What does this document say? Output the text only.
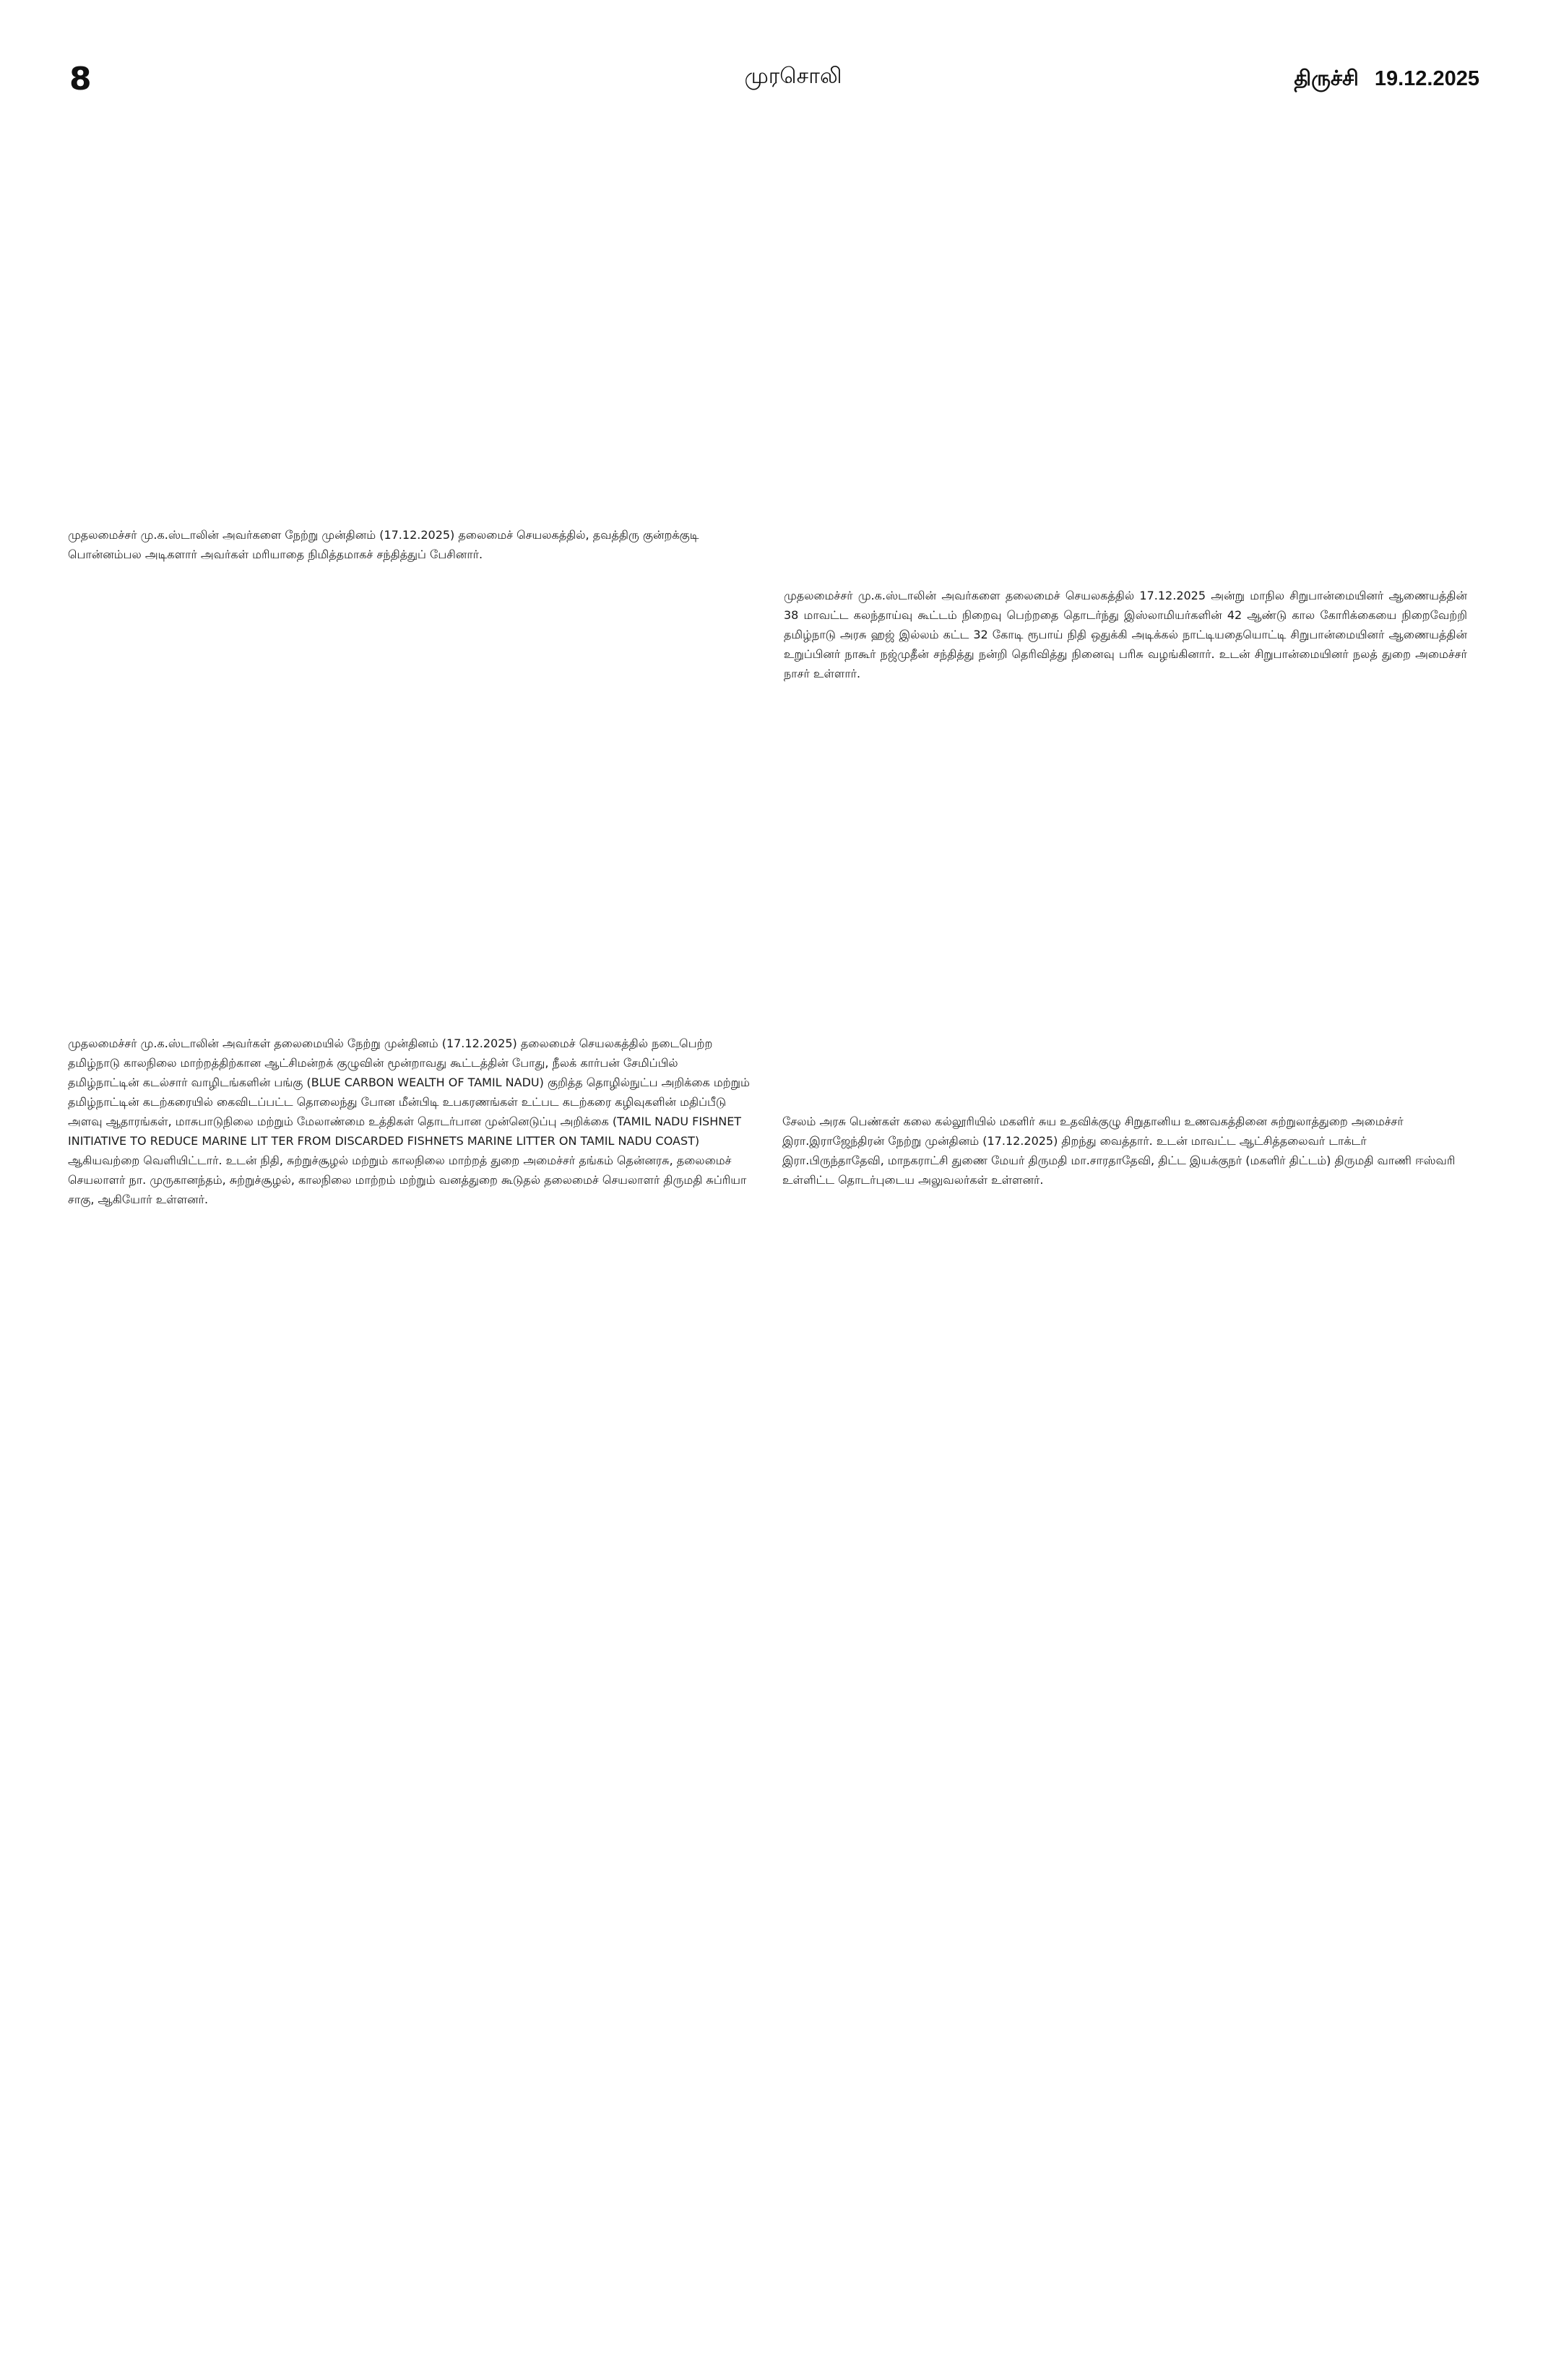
8	முரசொலி	திருச்சி 19.12.2025

முதலமைச்சர் மு.க.ஸ்டாலின் அவர்களை நேற்று முன்தினம் (17.12.2025) தலைமைச் செயலகத்தில், தவத்திரு குன்றக்குடி பொன்னம்பல அடிகளார் அவர்கள் மரியாதை நிமித்தமாகச் சந்தித்துப் பேசினார்.

முதலமைச்சர் மு.க.ஸ்டாலின் அவர்களை தலைமைச் செயலகத்தில் 17.12.2025 அன்று மாநில சிறுபான்மையினர் ஆணையத்தின் 38 மாவட்ட கலந்தாய்வு கூட்டம் நிறைவு பெற்றதை தொடர்ந்து இஸ்லாமியர்களின் 42 ஆண்டு கால கோரிக்கையை நிறைவேற்றி தமிழ்நாடு அரசு ஹஜ் இல்லம் கட்ட 32 கோடி ரூபாய் நிதி ஒதுக்கி அடிக்கல் நாட்டியதையொட்டி சிறுபான்மையினர் ஆணையத்தின் உறுப்பினர் நாகூர் நஜ்முதீன் சந்தித்து நன்றி தெரிவித்து நினைவு பரிசு வழங்கினார். உடன் சிறுபான்மையினர் நலத் துறை அமைச்சர் நாசர் உள்ளார்.

முதலமைச்சர் மு.க.ஸ்டாலின் அவர்கள் தலைமையில் நேற்று முன்தினம் (17.12.2025) தலைமைச் செயலகத்தில் நடைபெற்ற தமிழ்நாடு காலநிலை மாற்றத்திற்கான ஆட்சிமன்றக் குழுவின் மூன்றாவது கூட்டத்தின் போது, நீலக் கார்பன் சேமிப்பில் தமிழ்நாட்டின் கடல்சார் வாழிடங்களின் பங்கு (BLUE CARBON WEALTH OF TAMIL NADU) குறித்த தொழில்நுட்ப அறிக்கை மற்றும் தமிழ்நாட்டின் கடற்கரையில் கைவிடப்பட்ட தொலைந்து போன மீன்பிடி உபகரணங்கள் உட்பட கடற்கரை கழிவுகளின் மதிப்பீடு அளவு ஆதாரங்கள், மாசுபாடுநிலை மற்றும் மேலாண்மை உத்திகள் தொடர்பான முன்னெடுப்பு அறிக்கை (TAMIL NADU FISHNET INITIATIVE TO REDUCE MARINE LIT TER FROM DISCARDED FISHNETS MARINE LITTER ON TAMIL NADU COAST) ஆகியவற்றை வெளியிட்டார். உடன் நிதி, சுற்றுச்சூழல் மற்றும் காலநிலை மாற்றத் துறை அமைச்சர் தங்கம் தென்னரசு, தலைமைச் செயலாளர் நா. முருகானந்தம், சுற்றுச்சூழல், காலநிலை மாற்றம் மற்றும் வனத்துறை கூடுதல் தலைமைச் செயலாளர் திருமதி சுப்ரியா சாகு, ஆகியோர் உள்ளனர்.

சேலம் அரசு பெண்கள் கலை கல்லூரியில் மகளிர் சுய உதவிக்குழு சிறுதானிய உணவகத்தினை சுற்றுலாத்துறை அமைச்சர் இரா.இராஜேந்திரன் நேற்று முன்தினம் (17.12.2025) திறந்து வைத்தார். உடன் மாவட்ட ஆட்சித்தலைவர் டாக்டர் இரா.பிருந்தாதேவி, மாநகராட்சி துணை மேயர் திருமதி மா.சாரதாதேவி, திட்ட இயக்குநர் (மகளிர் திட்டம்) திருமதி வாணி ஈஸ்வரி உள்ளிட்ட தொடர்புடைய அலுவலர்கள் உள்ளனர்.
